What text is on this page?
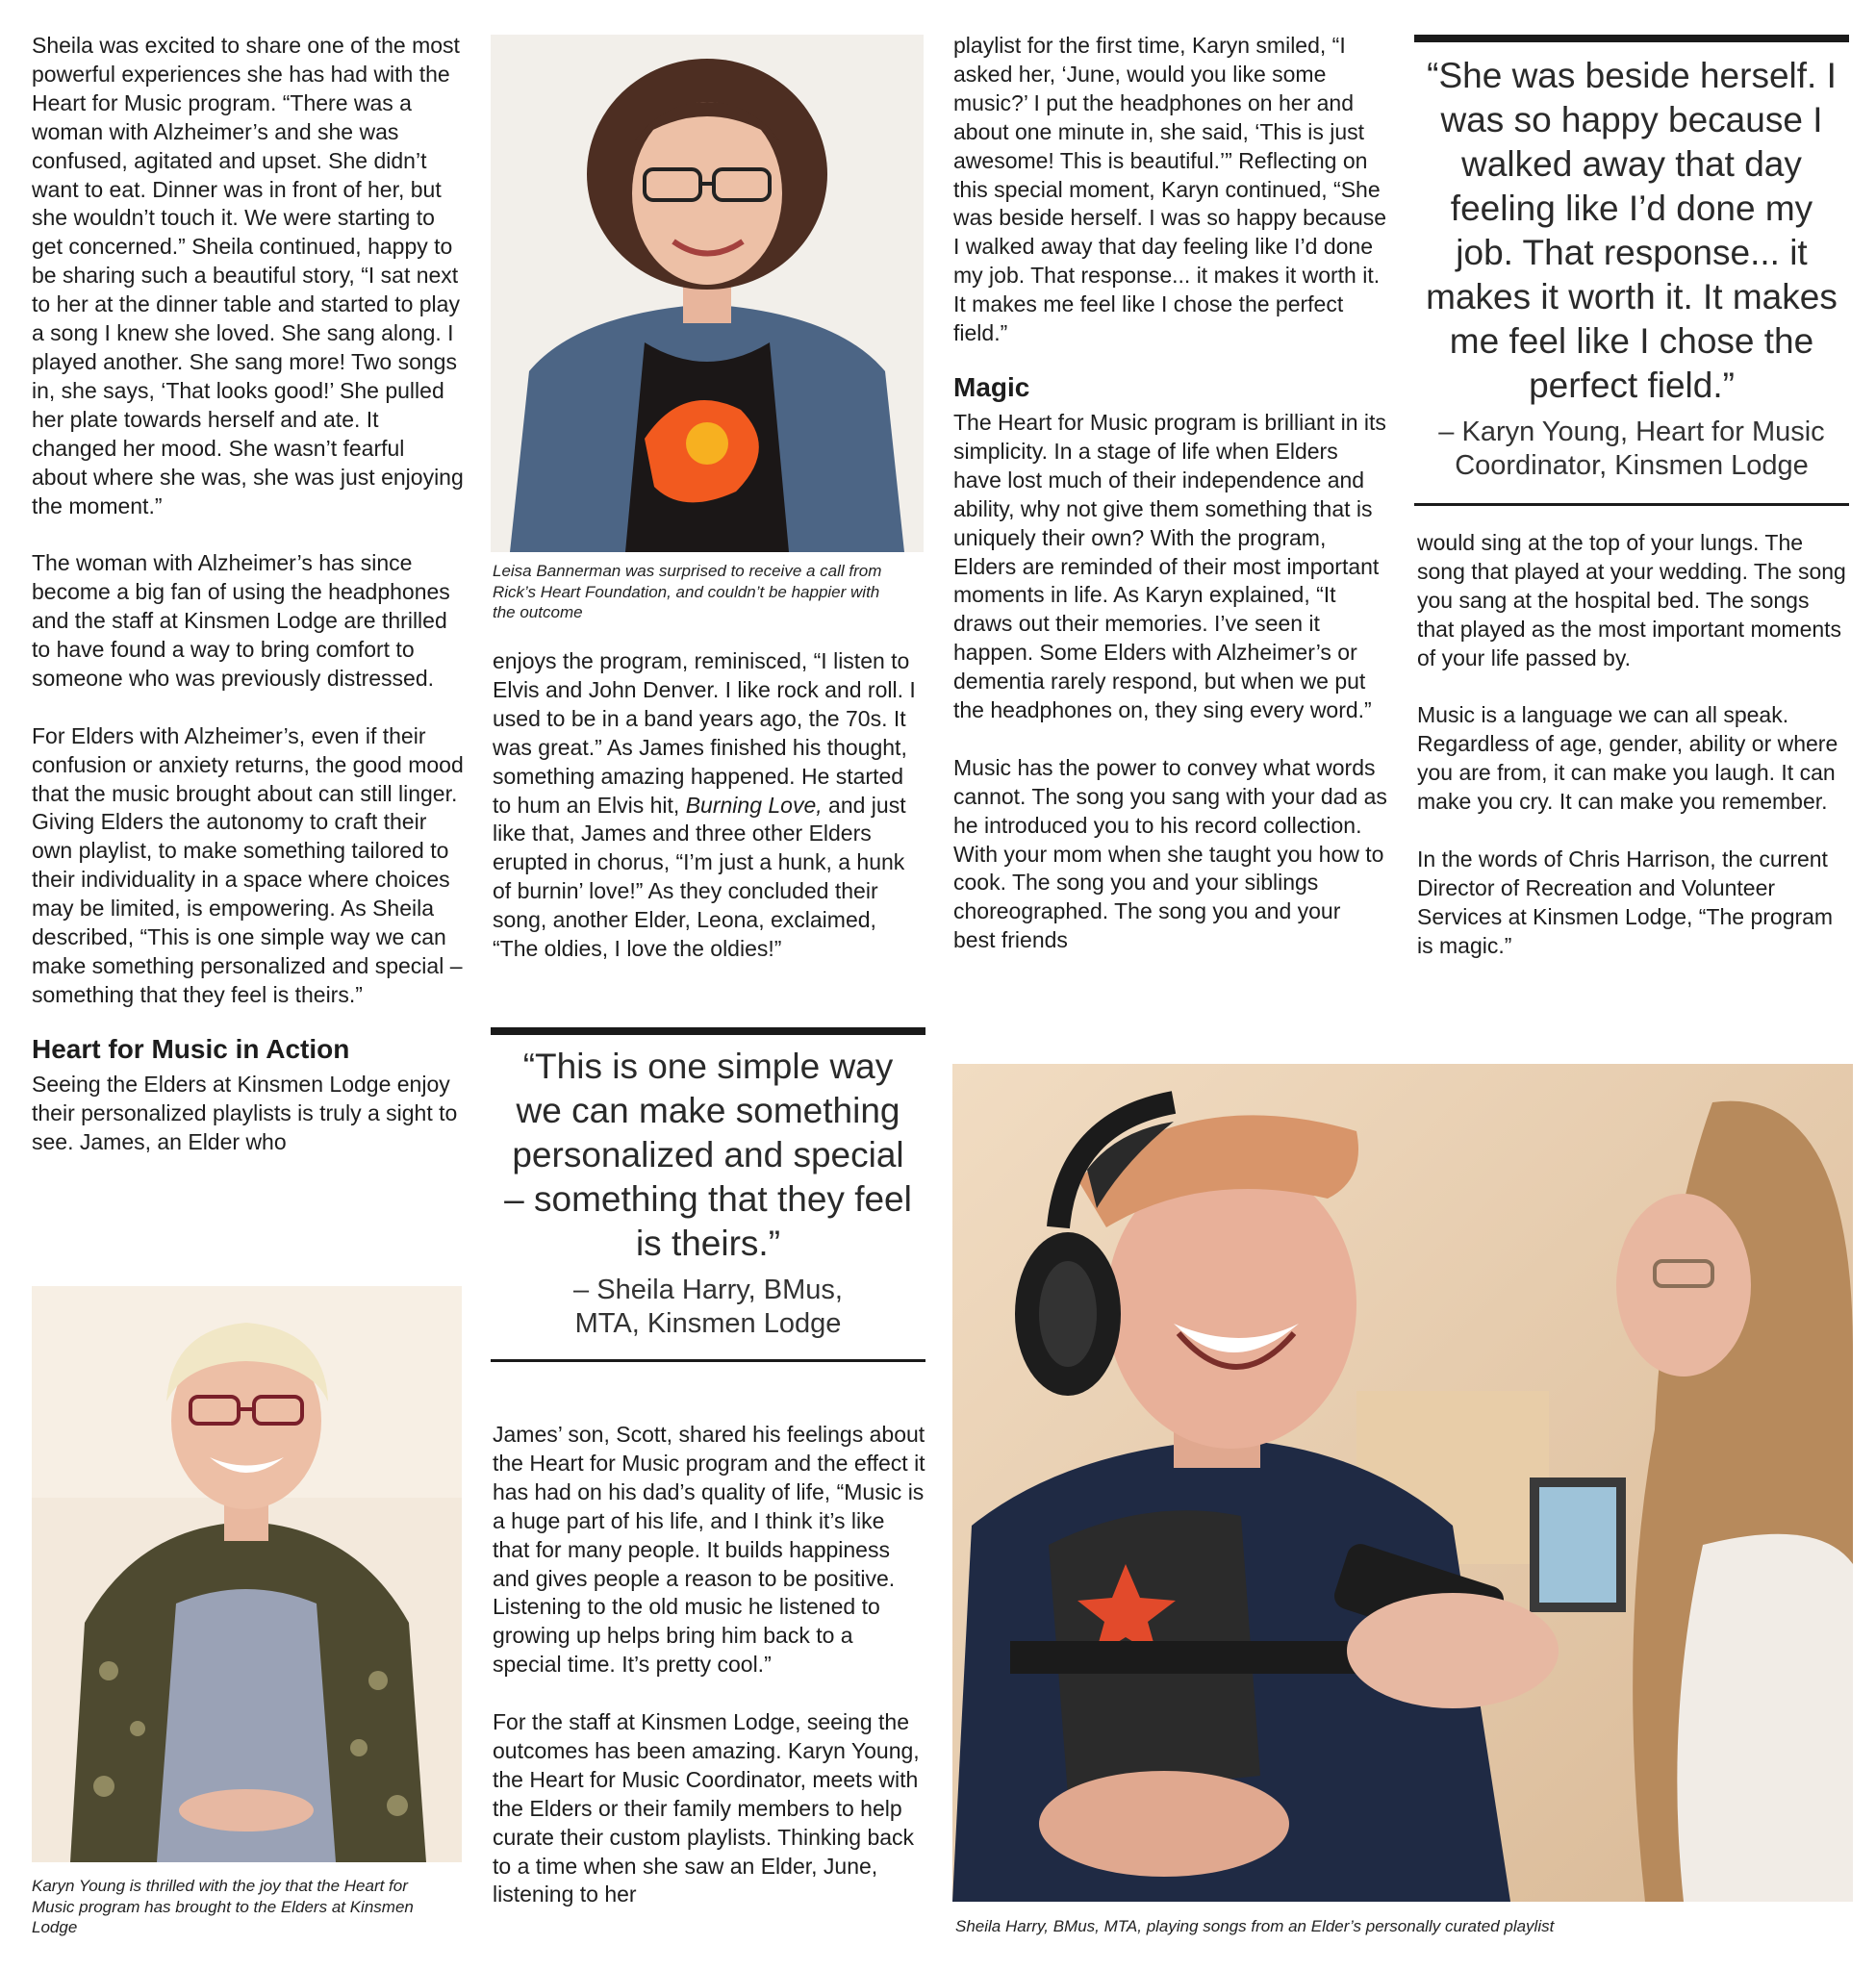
Sheila was excited to share one of the most powerful experiences she has had with the Heart for Music program. “There was a woman with Alzheimer’s and she was confused, agitated and upset. She didn’t want to eat. Dinner was in front of her, but she wouldn’t touch it. We were starting to get concerned.” Sheila continued, happy to be sharing such a beautiful story, “I sat next to her at the dinner table and started to play a song I knew she loved. She sang along. I played another. She sang more! Two songs in, she says, ‘That looks good!’ She pulled her plate towards herself and ate. It changed her mood. She wasn’t fearful about where she was, she was just enjoying the moment.”

The woman with Alzheimer’s has since become a big fan of using the headphones and the staff at Kinsmen Lodge are thrilled to have found a way to bring comfort to someone who was previously distressed.

For Elders with Alzheimer’s, even if their confusion or anxiety returns, the good mood that the music brought about can still linger. Giving Elders the autonomy to craft their own playlist, to make something tailored to their individuality in a space where choices may be limited, is empowering. As Sheila described, “This is one simple way we can make something personalized and special – something that they feel is theirs.”

Heart for Music in Action

Seeing the Elders at Kinsmen Lodge enjoy their personalized playlists is truly a sight to see. James, an Elder who

Karyn Young is thrilled with the joy that the Heart for Music program has brought to the Elders at Kinsmen Lodge

Leisa Bannerman was surprised to receive a call from Rick’s Heart Foundation, and couldn’t be happier with the outcome

enjoys the program, reminisced, “I listen to Elvis and John Denver. I like rock and roll. I used to be in a band years ago, the 70s. It was great.” As James finished his thought, something amazing happened. He started to hum an Elvis hit, Burning Love, and just like that, James and three other Elders erupted in chorus, “I’m just a hunk, a hunk of burnin’ love!” As they concluded their song, another Elder, Leona, exclaimed, “The oldies, I love the oldies!”

“This is one simple way we can make something personalized and special – something that they feel is theirs.”

– Sheila Harry, BMus, MTA, Kinsmen Lodge

James’ son, Scott, shared his feelings about the Heart for Music program and the effect it has had on his dad’s quality of life, “Music is a huge part of his life, and I think it’s like that for many people. It builds happiness and gives people a reason to be positive. Listening to the old music he listened to growing up helps bring him back to a special time. It’s pretty cool.”

For the staff at Kinsmen Lodge, seeing the outcomes has been amazing. Karyn Young, the Heart for Music Coordinator, meets with the Elders or their family members to help curate their custom playlists. Thinking back to a time when she saw an Elder, June, listening to her

playlist for the first time, Karyn smiled, “I asked her, ‘June, would you like some music?’ I put the headphones on her and about one minute in, she said, ‘This is just awesome! This is beautiful.’” Reflecting on this special moment, Karyn continued, “She was beside herself. I was so happy because I walked away that day feeling like I’d done my job. That response... it makes it worth it. It makes me feel like I chose the perfect field.”

Magic

The Heart for Music program is brilliant in its simplicity. In a stage of life when Elders have lost much of their independence and ability, why not give them something that is uniquely their own? With the program, Elders are reminded of their most important moments in life. As Karyn explained, “It draws out their memories. I’ve seen it happen. Some Elders with Alzheimer’s or dementia rarely respond, but when we put the headphones on, they sing every word.”

Music has the power to convey what words cannot. The song you sang with your dad as he introduced you to his record collection. With your mom when she taught you how to cook. The song you and your siblings choreographed. The song you and your best friends

“She was beside herself. I was so happy because I walked away that day feeling like I’d done my job. That response... it makes it worth it. It makes me feel like I chose the perfect field.”

– Karyn Young, Heart for Music Coordinator, Kinsmen Lodge

would sing at the top of your lungs. The song that played at your wedding. The song you sang at the hospital bed. The songs that played as the most important moments of your life passed by.

Music is a language we can all speak. Regardless of age, gender, ability or where you are from, it can make you laugh. It can make you cry. It can make you remember.

In the words of Chris Harrison, the current Director of Recreation and Volunteer Services at Kinsmen Lodge, “The program is magic.”

Sheila Harry, BMus, MTA, playing songs from an Elder’s personally curated playlist
